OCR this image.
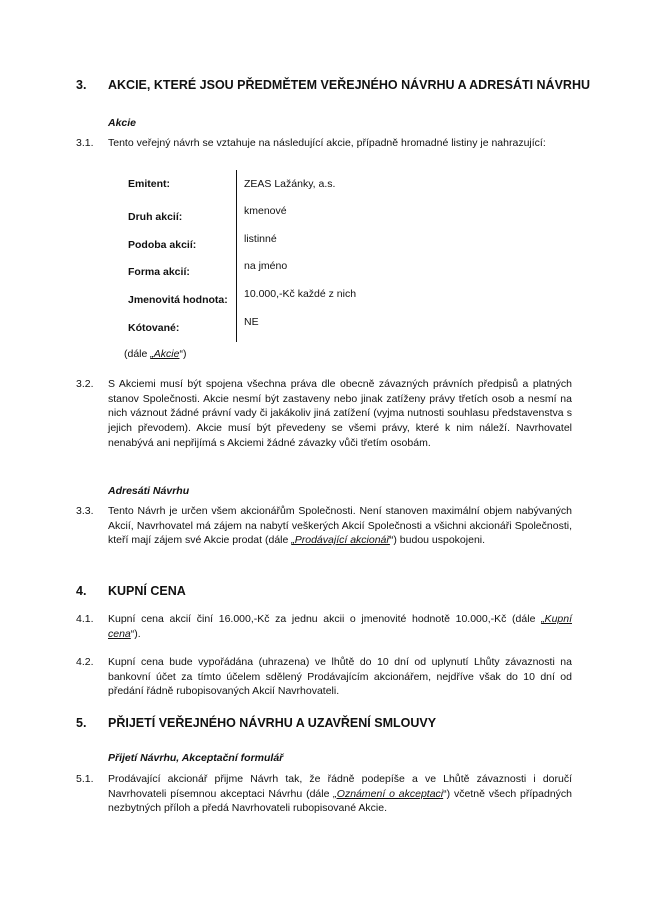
3. AKCIE, KTERÉ JSOU PŘEDMĚTEM VEŘEJNÉHO NÁVRHU A ADRESÁTI NÁVRHU
Akcie
3.1. Tento veřejný návrh se vztahuje na následující akcie, případně hromadné listiny je nahrazující:
Emitent:	ZEAS Lažánky, a.s.
Druh akcií:	kmenové
Podoba akcií:	listinné
Forma akcií:	na jméno
Jmenovitá hodnota: 10.000,-Kč každé z nich
Kótované:	NE
(dále „Akcie“)
3.2. S Akciemi musí být spojena všechna práva dle obecně závazných právních předpisů a platných stanov Společnosti. Akcie nesmí být zastaveny nebo jinak zatíženy právy třetích osob a nesmí na nich váznout žádné právní vady či jakákoliv jiná zatížení (vyjma nutnosti souhlasu představenstva s jejich převodem). Akcie musí být převedeny se všemi právy, které k nim náleží. Navrhovatel nenabývá ani nepřijímá s Akciemi žádné závazky vůči třetím osobám.
Adresáti Návrhu
3.3. Tento Návrh je určen všem akcionářům Společnosti. Není stanoven maximální objem nabývaných Akcií, Navrhovatel má zájem na nabytí veškerých Akcií Společnosti a všichni akcionáři Společnosti, kteří mají zájem své Akcie prodat (dále „Prodávající akcionář“) budou uspokojeni.
4. KUPNÍ CENA
4.1. Kupní cena akcií činí 16.000,-Kč za jednu akcii o jmenovité hodnotě 10.000,-Kč (dále „Kupní cena“).
4.2. Kupní cena bude vypořádána (uhrazena) ve lhůtě do 10 dní od uplynutí Lhůty závaznosti na bankovní účet za tímto účelem sdělený Prodávajícím akcionářem, nejdříve však do 10 dní od předání řádně rubopisovaných Akcií Navrhovateli.
5. PŘIJETÍ VEŘEJNÉHO NÁVRHU A UZAVŘENÍ SMLOUVY
Přijetí Návrhu, Akceptační formulář
5.1. Prodávající akcionář přijme Návrh tak, že řádně podepíše a ve Lhůtě závaznosti i doručí Navrhovateli písemnou akceptaci Návrhu (dále „Oznámení o akceptaci“) včetně všech případných nezbytných příloh a předá Navrhovateli rubopisované Akcie.
